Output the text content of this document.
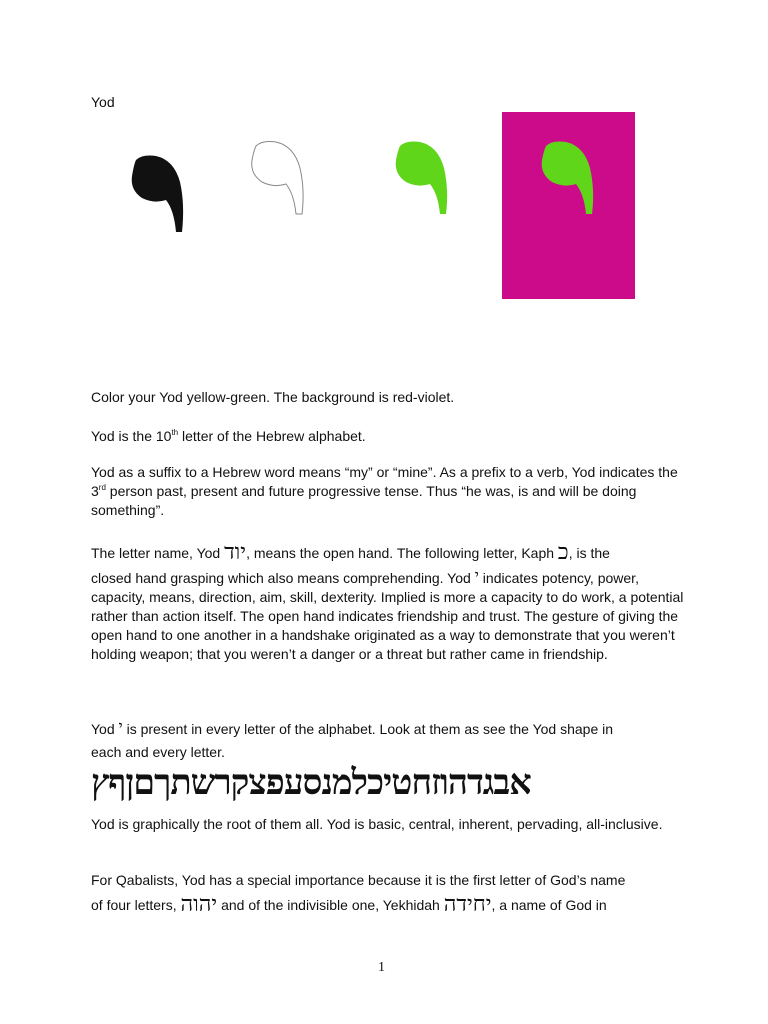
Yod
Color your Yod yellow-green. The background is red-violet.
Yod is the 10th letter of the Hebrew alphabet.
Yod as a suffix to a Hebrew word means “my” or “mine”. As a prefix to a verb, Yod indicates the 3rd person past, present and future progressive tense. Thus “he was, is and will be doing something”.
The letter name, Yod יוד, means the open hand. The following letter, Kaph כ, is the
closed hand grasping which also means comprehending. Yod י indicates potency, power, capacity, means, direction, aim, skill, dexterity. Implied is more a capacity to do work, a potential rather than action itself. The open hand indicates friendship and trust. The gesture of giving the open hand to one another in a handshake originated as a way to demonstrate that you weren’t holding weapon; that you weren’t a danger or a threat but rather came in friendship.
Yod י is present in every letter of the alphabet. Look at them as see the Yod shape in
each and every letter.
אבגדהוזחטיכלמנסעפצקרשתךםןףץ
Yod is graphically the root of them all. Yod is basic, central, inherent, pervading, all-inclusive.
For Qabalists, Yod has a special importance because it is the first letter of God’s name
of four letters, יהוה and of the indivisible one, Yekhidah יחידה, a name of God in
1
